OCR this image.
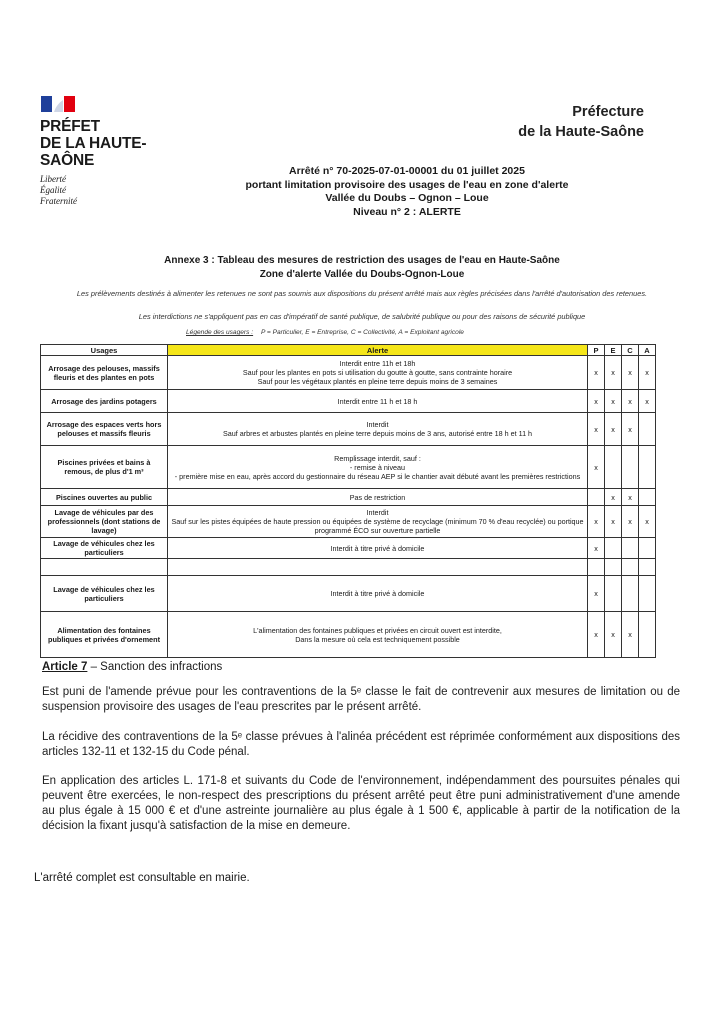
PRÉFET
DE LA HAUTE-
SAÔNE
Liberté
Égalité
Fraternité
Préfecture
de la Haute-Saône
Arrêté n° 70-2025-07-01-00001 du 01 juillet 2025
portant limitation provisoire des usages de l'eau en zone d'alerte
Vallée du Doubs – Ognon – Loue
Niveau n° 2 : ALERTE
Annexe 3 : Tableau des mesures de restriction des usages de l'eau en Haute-Saône
Zone d'alerte Vallée du Doubs-Ognon-Loue
Les prélèvements destinés à alimenter les retenues ne sont pas soumis aux dispositions du présent arrêté mais aux règles précisées dans l'arrêté d'autorisation des retenues.
Les interdictions ne s'appliquent pas en cas d'impératif de santé publique, de salubrité publique ou pour des raisons de sécurité publique
Légende des usagers : P = Particulier, E = Entreprise, C = Collectivité, A = Exploitant agricole
Usages	Alerte	P	E	C	A
Arrosage des pelouses, massifs fleuris et des plantes en pots	Interdit entre 11h et 18h
Sauf pour les plantes en pots si utilisation du goutte à goutte, sans contrainte horaire
Sauf pour les végétaux plantés en pleine terre depuis moins de 3 semaines	x	x	x	x
Arrosage des jardins potagers	Interdit entre 11 h et 18 h	x	x	x	x
Arrosage des espaces verts hors pelouses et massifs fleuris	Interdit
Sauf arbres et arbustes plantés en pleine terre depuis moins de 3 ans, autorisé entre 18 h et 11 h	x	x	x	
Piscines privées et bains à remous, de plus d'1 m³	Remplissage interdit, sauf :
- remise à niveau
- première mise en eau, après accord du gestionnaire du réseau AEP si le chantier avait débuté avant les premières restrictions	x			
Piscines ouvertes au public	Pas de restriction		x	x	
Lavage de véhicules par des professionnels (dont stations de lavage)	Interdit
Sauf sur les pistes équipées de haute pression ou équipées de système de recyclage (minimum 70 % d'eau recyclée) ou portique programmé ÉCO sur ouverture partielle	x	x	x	x
Lavage de véhicules chez les particuliers	Interdit à titre privé à domicile	x			

Lavage de véhicules chez les particuliers	Interdit à titre privé à domicile	x			
Alimentation des fontaines publiques et privées d'ornement	L'alimentation des fontaines publiques et privées en circuit ouvert est interdite,
Dans la mesure où cela est techniquement possible	x	x	x	
Article 7 – Sanction des infractions
Est puni de l'amende prévue pour les contraventions de la 5ᵉ classe le fait de contrevenir aux mesures de limitation ou de suspension provisoire des usages de l'eau prescrites par le présent arrêté.
La récidive des contraventions de la 5ᵉ classe prévues à l'alinéa précédent est réprimée conformément aux dispositions des articles 132-11 et 132-15 du Code pénal.
En application des articles L. 171-8 et suivants du Code de l'environnement, indépendamment des poursuites pénales qui peuvent être exercées, le non-respect des prescriptions du présent arrêté peut être puni administrativement d'une amende au plus égale à 15 000 € et d'une astreinte journalière au plus égale à 1 500 €, applicable à partir de la notification de la décision la fixant jusqu'à satisfaction de la mise en demeure.
L'arrêté complet est consultable en mairie.
